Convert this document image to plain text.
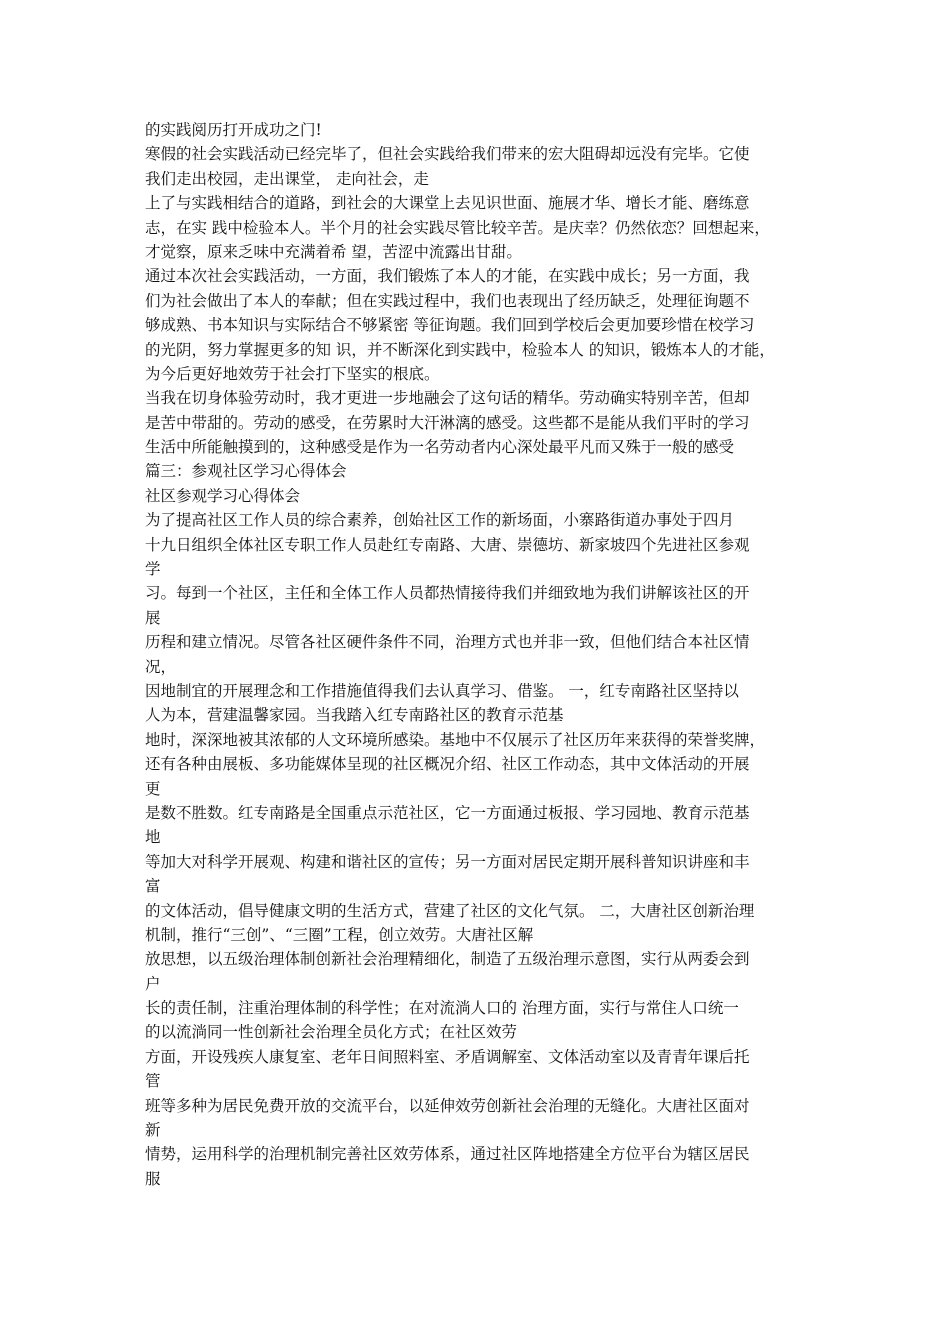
的实践阅历打开成功之门!
寒假的社会实践活动已经完毕了，但社会实践给我们带来的宏大阻碍却远没有完毕。它使
我们走出校园，走出课堂， 走向社会，走
上了与实践相结合的道路，到社会的大课堂上去见识世面、施展才华、增长才能、磨练意
志，在实 践中检验本人。半个月的社会实践尽管比较辛苦。是庆幸？仍然依恋？回想起来，
才觉察，原来乏味中充满着希 望，苦涩中流露出甘甜。
通过本次社会实践活动，一方面，我们锻炼了本人的才能，在实践中成长；另一方面，我
们为社会做出了本人的奉献；但在实践过程中，我们也表现出了经历缺乏，处理征询题不
够成熟、书本知识与实际结合不够紧密 等征询题。我们回到学校后会更加要珍惜在校学习
的光阴，努力掌握更多的知 识，并不断深化到实践中，检验本人 的知识，锻炼本人的才能，
为今后更好地效劳于社会打下坚实的根底。
当我在切身体验劳动时，我才更进一步地融会了这句话的精华。劳动确实特别辛苦，但却
是苦中带甜的。劳动的感受，在劳累时大汗淋漓的感受。这些都不是能从我们平时的学习
生活中所能触摸到的，这种感受是作为一名劳动者内心深处最平凡而又殊于一般的感受
篇三：参观社区学习心得体会
社区参观学习心得体会
为了提高社区工作人员的综合素养，创始社区工作的新场面，小寨路街道办事处于四月
十九日组织全体社区专职工作人员赴红专南路、大唐、崇德坊、新家坡四个先进社区参观
学
习。每到一个社区，主任和全体工作人员都热情接待我们并细致地为我们讲解该社区的开
展
历程和建立情况。尽管各社区硬件条件不同，治理方式也并非一致，但他们结合本社区情
况，
因地制宜的开展理念和工作措施值得我们去认真学习、借鉴。 一，红专南路社区坚持以
人为本，营建温馨家园。当我踏入红专南路社区的教育示范基
地时，深深地被其浓郁的人文环境所感染。基地中不仅展示了社区历年来获得的荣誉奖牌，
还有各种由展板、多功能媒体呈现的社区概况介绍、社区工作动态，其中文体活动的开展
更
是数不胜数。红专南路是全国重点示范社区，它一方面通过板报、学习园地、教育示范基
地
等加大对科学开展观、构建和谐社区的宣传；另一方面对居民定期开展科普知识讲座和丰
富
的文体活动，倡导健康文明的生活方式，营建了社区的文化气氛。 二，大唐社区创新治理
机制，推行“三创”、“三圈”工程，创立效劳。大唐社区解
放思想，以五级治理体制创新社会治理精细化，制造了五级治理示意图，实行从两委会到
户
长的责任制，注重治理体制的科学性；在对流淌人口的 治理方面，实行与常住人口统一
的以流淌同一性创新社会治理全员化方式；在社区效劳
方面，开设残疾人康复室、老年日间照料室、矛盾调解室、文体活动室以及青青年课后托
管
班等多种为居民免费开放的交流平台，以延伸效劳创新社会治理的无缝化。大唐社区面对
新
情势，运用科学的治理机制完善社区效劳体系，通过社区阵地搭建全方位平台为辖区居民
服
